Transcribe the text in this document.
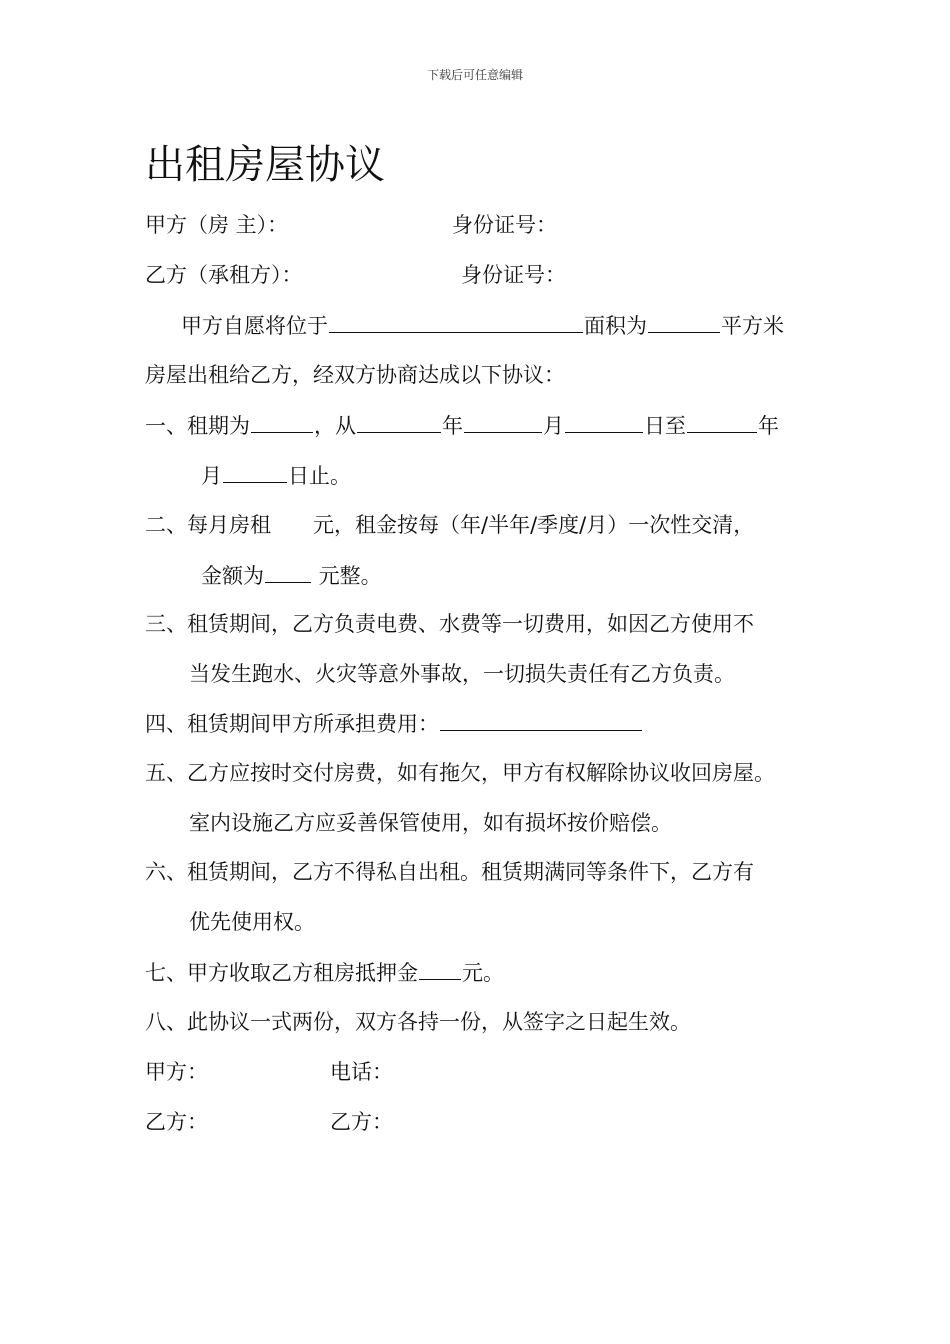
下载后可任意编辑
出租房屋协议
甲方（房 主）：	身份证号：
乙方（承租方）：	身份证号：
甲方自愿将位于	面积为	平方米
房屋出租给乙方，经双方协商达成以下协议：
一、租期为	，从	年	月	日至	年
月	日止。
二、每月房租　　元，租金按每（年/半年/季度/月）一次性交清，
金额为 元整。
三、租赁期间，乙方负责电费、水费等一切费用，如因乙方使用不
当发生跑水、火灾等意外事故，一切损失责任有乙方负责。
四、租赁期间甲方所承担费用：
五、乙方应按时交付房费，如有拖欠，甲方有权解除协议收回房屋。
室内设施乙方应妥善保管使用，如有损坏按价赔偿。
六、租赁期间，乙方不得私自出租。租赁期满同等条件下，乙方有
优先使用权。
七、甲方收取乙方租房抵押金 元。
八、此协议一式两份，双方各持一份，从签字之日起生效。
甲方：	电话：
乙方：	乙方：
